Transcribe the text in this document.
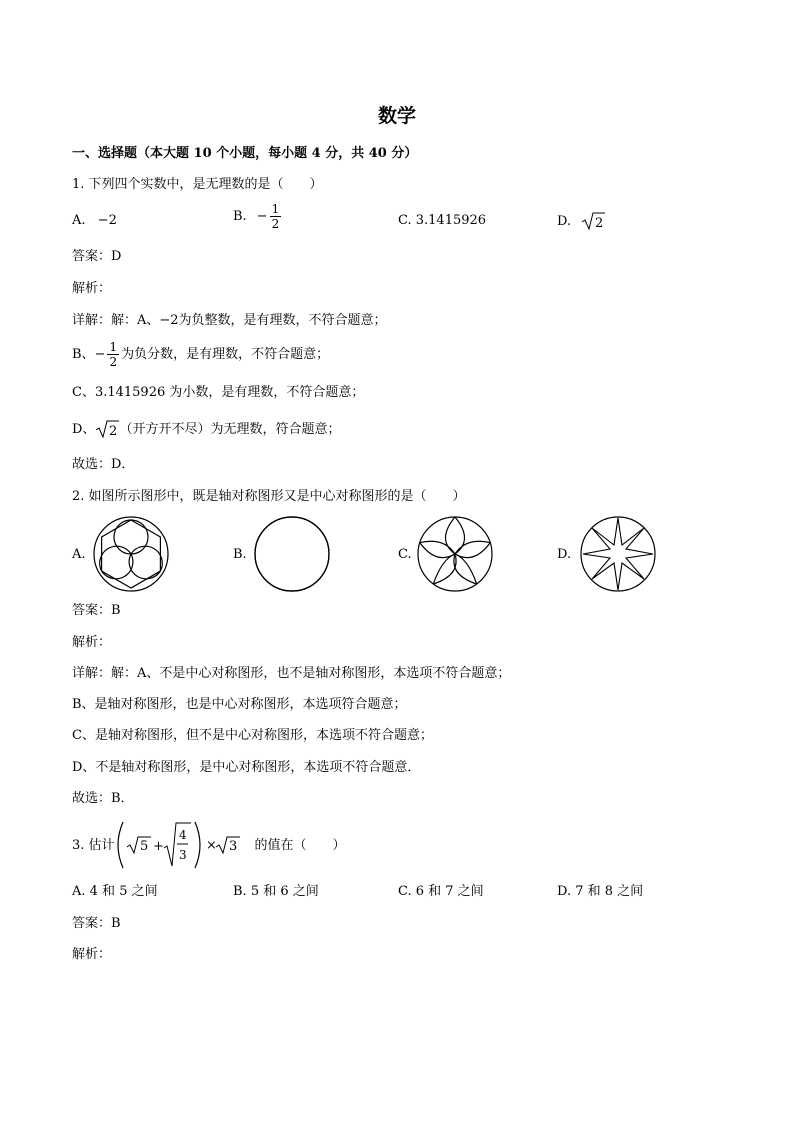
数学
一、选择题（本大题 10 个小题，每小题 4 分，共 40 分）
1. 下列四个实数中，是无理数的是（　　）
A. −2	B. − $\frac{1}{2}$	C. 3.1415926	D. 2
答案：D
解析：
详解：解：A、−2为负整数，是有理数，不符合题意；
B、 − $\frac{1}{2}$ 为负分数，是有理数，不符合题意；
C、3.1415926 为小数，是有理数，不符合题意；
D、 2 （开方开不尽）为无理数，符合题意；
故选：D．
2. 如图所示图形中，既是轴对称图形又是中心对称图形的是（　　）
A.	B.	C.	D.
答案：B
解析：
详解：解：A、不是中心对称图形，也不是轴对称图形，本选项不符合题意；
B、是轴对称图形，也是中心对称图形，本选项符合题意；
C、是轴对称图形，但不是中心对称图形，本选项不符合题意；
D、不是轴对称图形，是中心对称图形，本选项不符合题意．
故选：B．
3. 估计 5 +
4
3
× 3 的值在（　　）
A. 4 和 5 之间	B. 5 和 6 之间	C. 6 和 7 之间	D. 7 和 8 之间
答案：B
解析：
